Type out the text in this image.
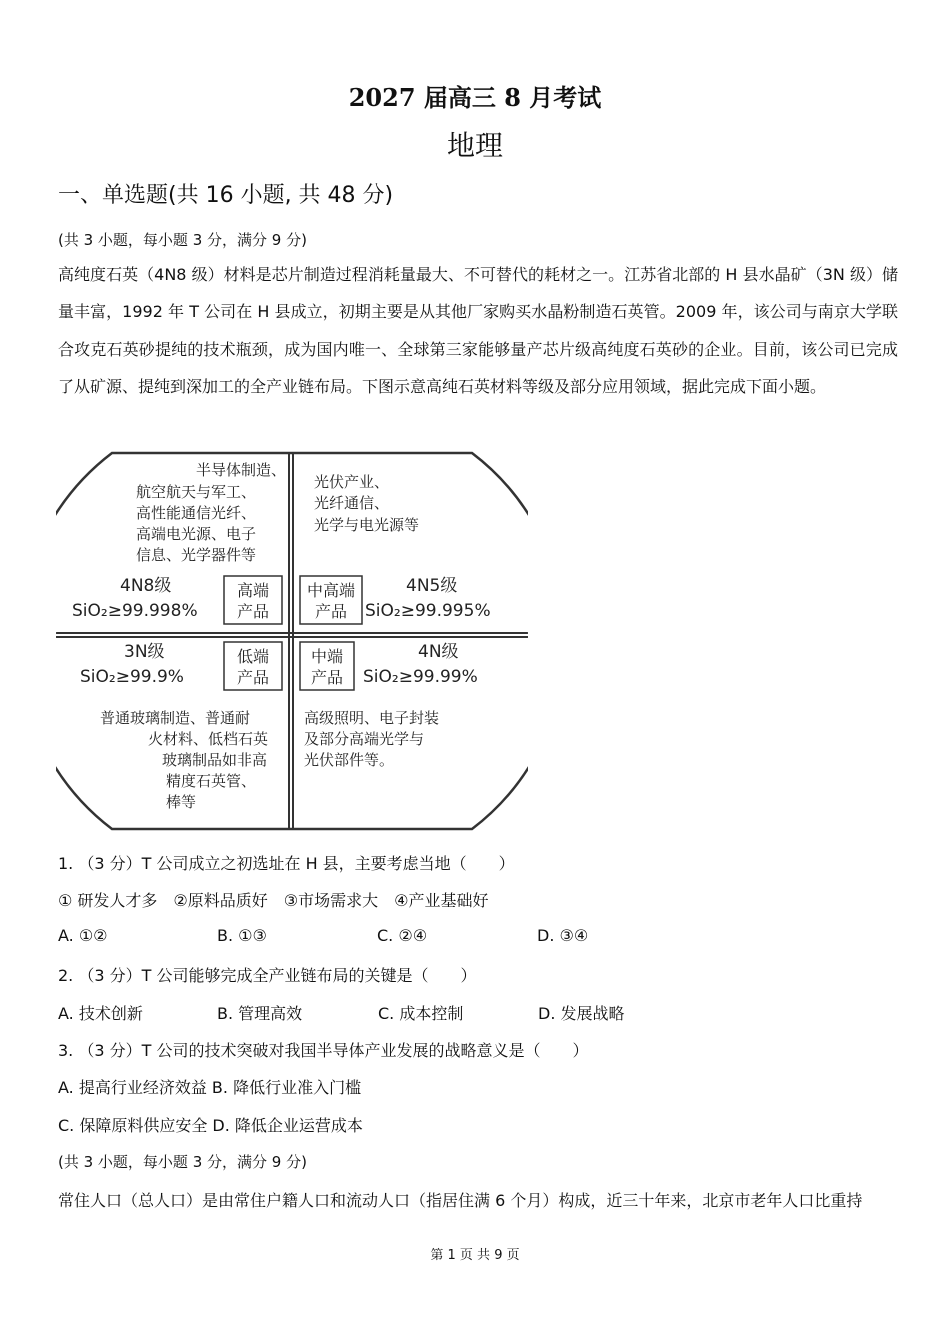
2027 届高三 8 月考试
地理
一、单选题(共 16 小题, 共 48 分)
(共 3 小题，每小题 3 分，满分 9 分)
高纯度石英（4N8 级）材料是芯片制造过程消耗量最大、不可替代的耗材之一。江苏省北部的 H 县水晶矿（3N 级）储量丰富，1992 年 T 公司在 H 县成立，初期主要是从其他厂家购买水晶粉制造石英管。2009 年，该公司与南京大学联合攻克石英砂提纯的技术瓶颈，成为国内唯一、全球第三家能够量产芯片级高纯度石英砂的企业。目前，该公司已完成了从矿源、提纯到深加工的全产业链布局。下图示意高纯石英材料等级及部分应用领域，据此完成下面小题。
半导体制造、
航空航天与军工、
高性能通信光纤、
高端电光源、电子
信息、光学器件等
4N8级
SiO₂≥99.998%
高端
产品
光伏产业、
光纤通信、
光学与电光源等
中高端
产品
4N5级
SiO₂≥99.995%
3N级
SiO₂≥99.9%
低端
产品
普通玻璃制造、普通耐
火材料、低档石英
玻璃制品如非高
精度石英管、
棒等
中端
产品
4N级
SiO₂≥99.99%
高级照明、电子封装
及部分高端光学与
光伏部件等。
1. （3 分）T 公司成立之初选址在 H 县，主要考虑当地（　　）
① 研发人才多　②原料品质好　③市场需求大　④产业基础好
A. ①②	B. ①③	C. ②④	D. ③④
2. （3 分）T 公司能够完成全产业链布局的关键是（　　）
A. 技术创新	B. 管理高效	C. 成本控制	D. 发展战略
3. （3 分）T 公司的技术突破对我国半导体产业发展的战略意义是（　　）
A. 提高行业经济效益 B. 降低行业准入门槛
C. 保障原料供应安全 D. 降低企业运营成本
(共 3 小题，每小题 3 分，满分 9 分)
常住人口（总人口）是由常住户籍人口和流动人口（指居住满 6 个月）构成，近三十年来，北京市老年人口比重持
第 1 页 共 9 页
